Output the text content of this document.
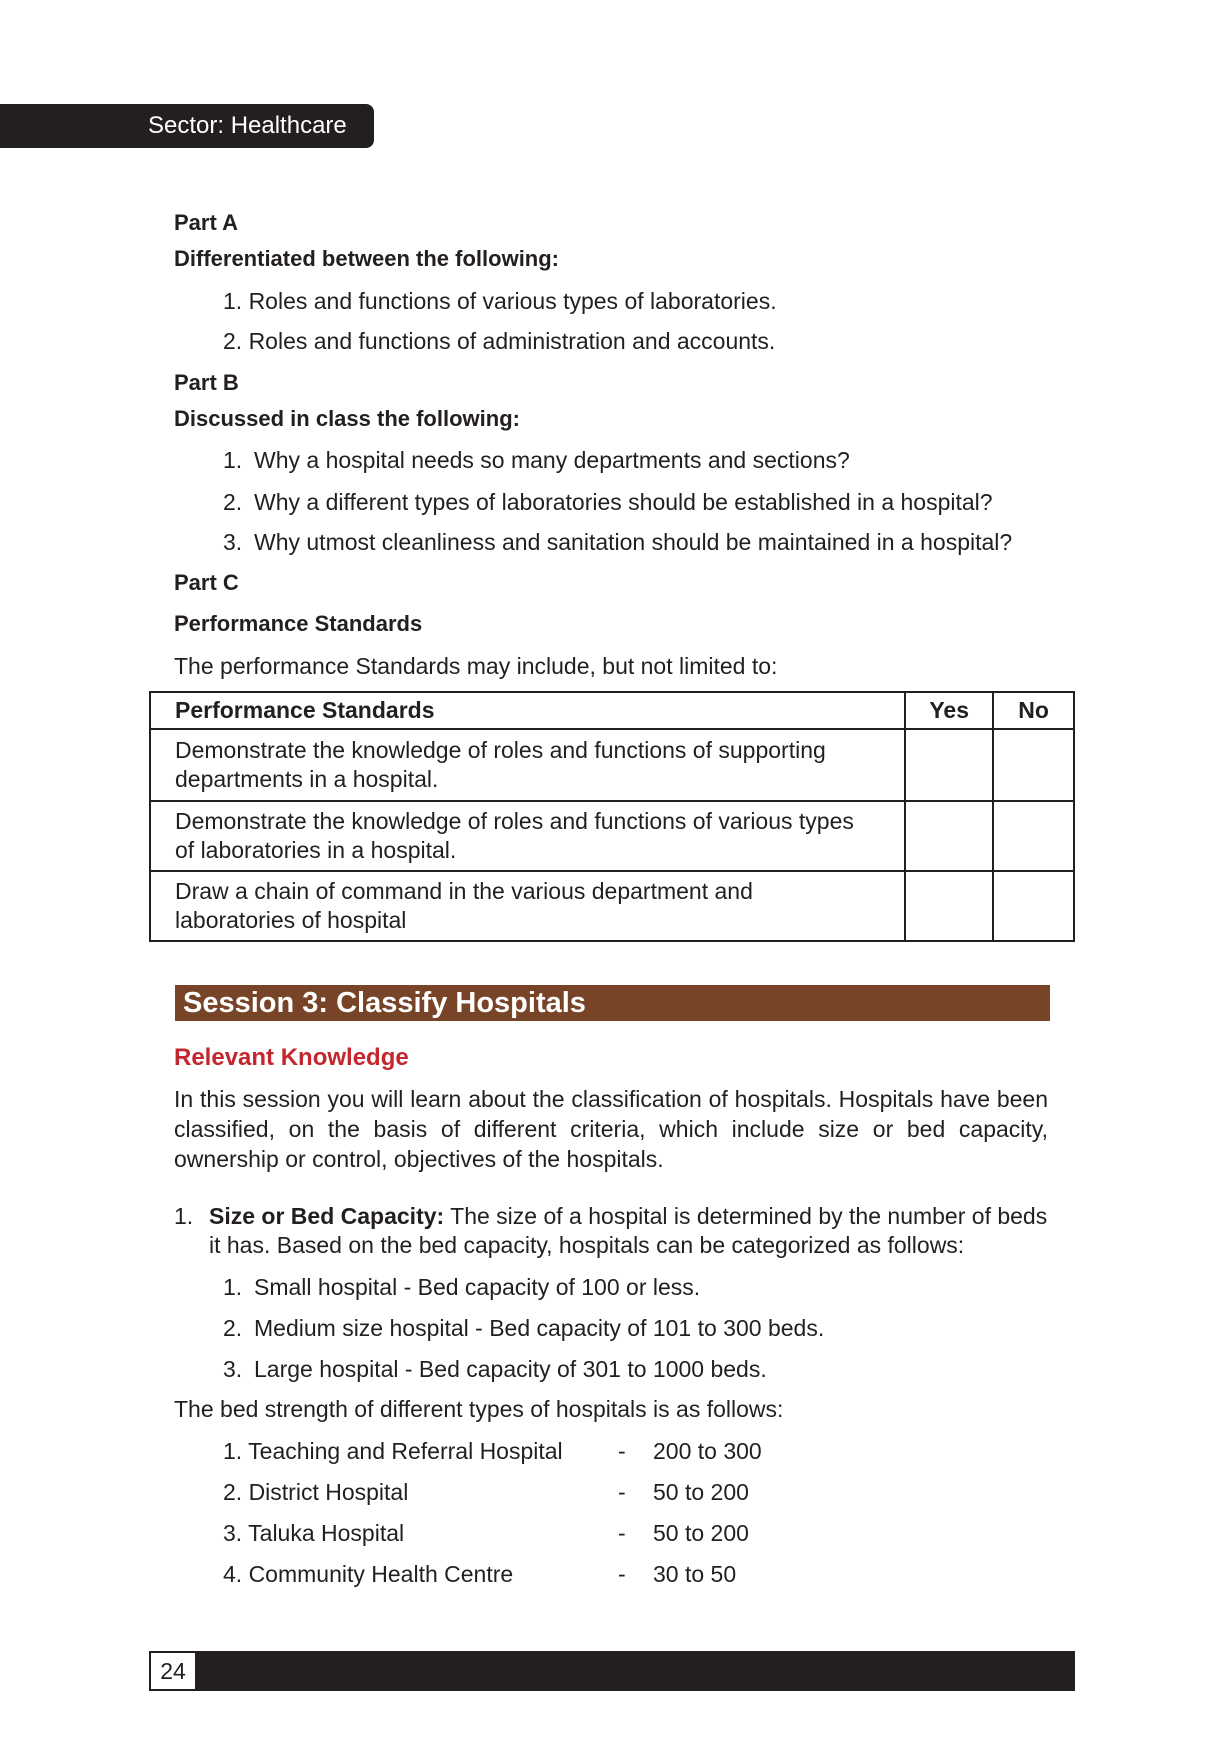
Sector: Healthcare
Part A
Differentiated between the following:
1. Roles and functions of various types of laboratories.
2. Roles and functions of administration and accounts.
Part B
Discussed in class the following:
1. Why a hospital needs so many departments and sections?
2. Why a different types of laboratories should be established in a hospital?
3. Why utmost cleanliness and sanitation should be maintained in a hospital?
Part C
Performance Standards
The performance Standards may include, but not limited to:
Performance Standards	Yes	No

Demonstrate the knowledge of roles and functions of supporting
departments in a hospital.		

Demonstrate the knowledge of roles and functions of various types
of laboratories in a hospital.		

Draw a chain of command in the various department and
laboratories of hospital		

Session 3: Classify Hospitals
Relevant Knowledge
In this session you will learn about the classification of hospitals. Hospitals have been classified, on the basis of different criteria, which include size or bed capacity, ownership or control, objectives of the hospitals.
1. Size or Bed Capacity: The size of a hospital is determined by the number of beds
it has. Based on the bed capacity, hospitals can be categorized as follows:
1. Small hospital - Bed capacity of 100 or less.
2. Medium size hospital - Bed capacity of 101 to 300 beds.
3. Large hospital - Bed capacity of 301 to 1000 beds.
The bed strength of different types of hospitals is as follows:
1. Teaching and Referral Hospital - 200 to 300
2. District Hospital	- 50 to 200
3. Taluka Hospital	- 50 to 200
4. Community Health Centre	- 30 to 50
24
